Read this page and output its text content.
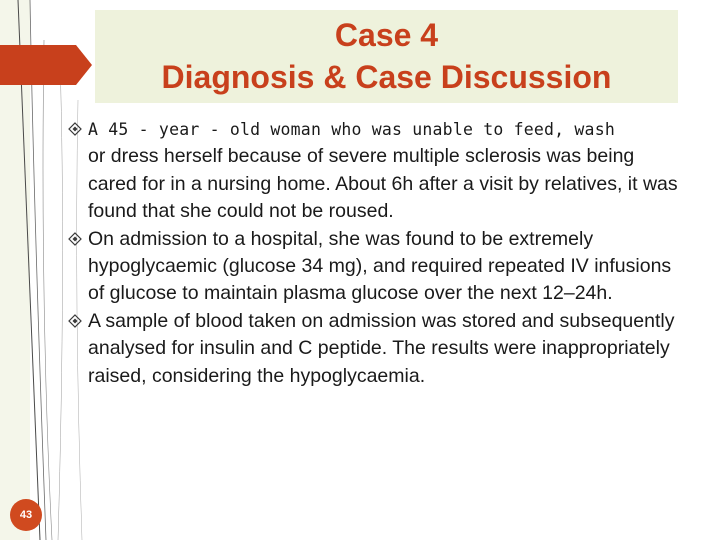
Case 4
Diagnosis & Case Discussion

A 45 - year - old woman who was unable to feed, wash
or dress herself because of severe multiple sclerosis was being cared for in a nursing home. About 6h after a visit by relatives, it was found that she could not be roused.

On admission to a hospital, she was found to be extremely hypoglycaemic (glucose 34 mg), and required repeated IV infusions of glucose to maintain plasma glucose over the next 12–24h.

A sample of blood taken on admission was stored and subsequently analysed for insulin and C peptide. The results were inappropriately raised, considering the hypoglycaemia.

43
